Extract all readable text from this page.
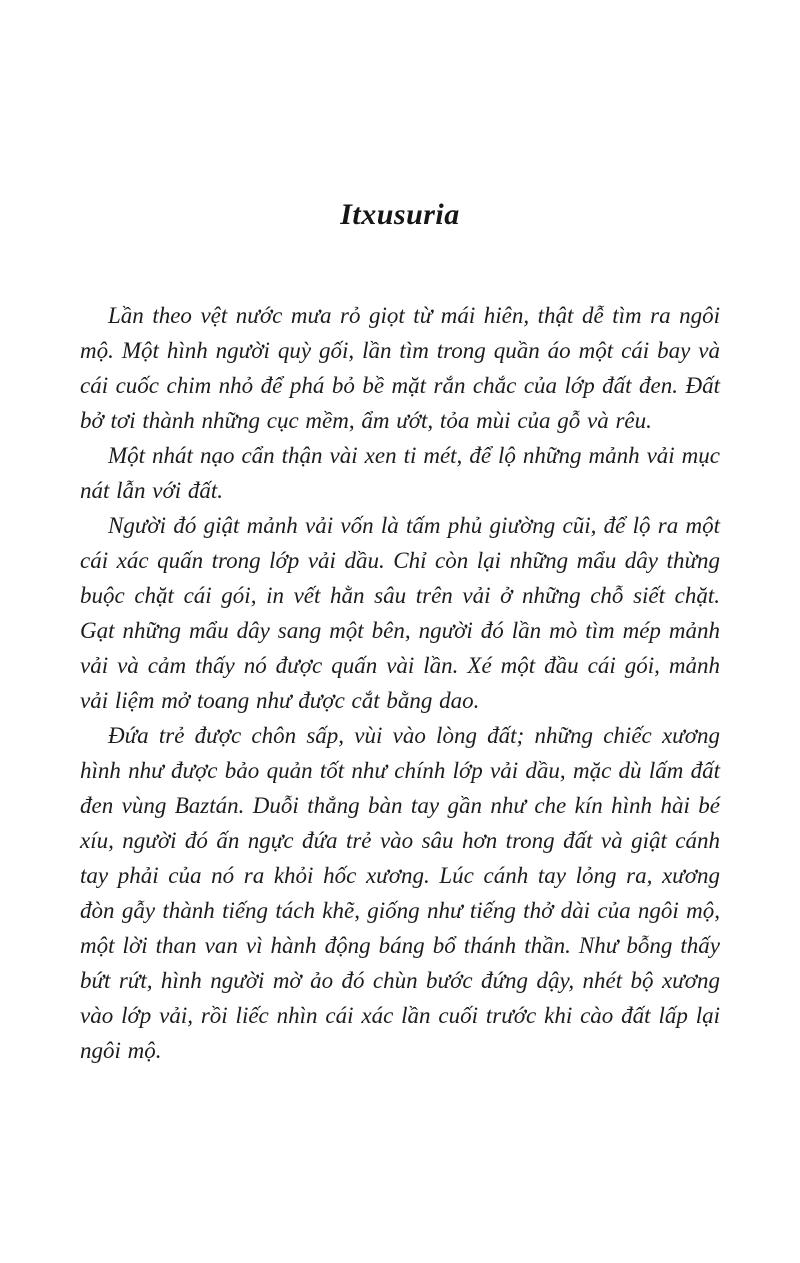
Itxusuria

Lần theo vệt nước mưa rỏ giọt từ mái hiên, thật dễ tìm ra ngôi mộ. Một hình người quỳ gối, lần tìm trong quần áo một cái bay và cái cuốc chim nhỏ để phá bỏ bề mặt rắn chắc của lớp đất đen. Đất bở tơi thành những cục mềm, ẩm ướt, tỏa mùi của gỗ và rêu.

Một nhát nạo cẩn thận vài xen ti mét, để lộ những mảnh vải mục nát lẫn với đất.

Người đó giật mảnh vải vốn là tấm phủ giường cũi, để lộ ra một cái xác quấn trong lớp vải dầu. Chỉ còn lại những mẩu dây thừng buộc chặt cái gói, in vết hằn sâu trên vải ở những chỗ siết chặt. Gạt những mẩu dây sang một bên, người đó lần mò tìm mép mảnh vải và cảm thấy nó được quấn vài lần. Xé một đầu cái gói, mảnh vải liệm mở toang như được cắt bằng dao.

Đứa trẻ được chôn sấp, vùi vào lòng đất; những chiếc xương hình như được bảo quản tốt như chính lớp vải dầu, mặc dù lấm đất đen vùng Baztán. Duỗi thẳng bàn tay gần như che kín hình hài bé xíu, người đó ấn ngực đứa trẻ vào sâu hơn trong đất và giật cánh tay phải của nó ra khỏi hốc xương. Lúc cánh tay lỏng ra, xương đòn gẫy thành tiếng tách khẽ, giống như tiếng thở dài của ngôi mộ, một lời than van vì hành động báng bổ thánh thần. Như bỗng thấy bứt rứt, hình người mờ ảo đó chùn bước đứng dậy, nhét bộ xương vào lớp vải, rồi liếc nhìn cái xác lần cuối trước khi cào đất lấp lại ngôi mộ.
